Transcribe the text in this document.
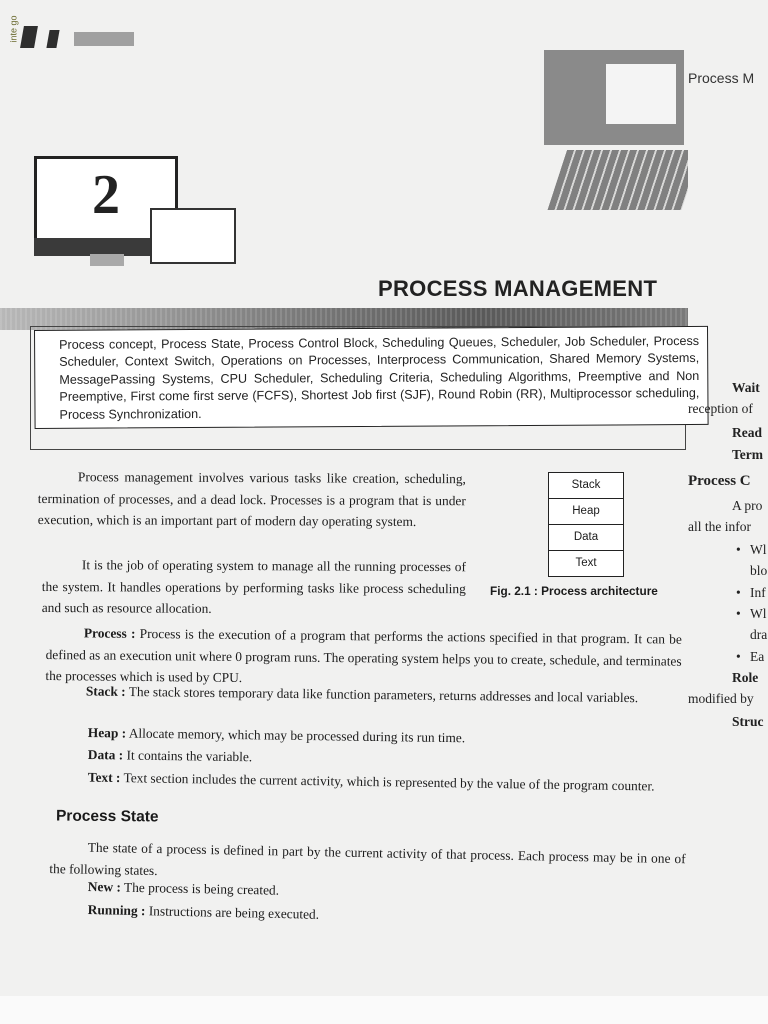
inte go
Process M
2
PROCESS MANAGEMENT
Process concept, Process State, Process Control Block, Scheduling Queues, Scheduler, Job Scheduler, Process Scheduler, Context Switch, Operations on Processes, Interprocess Communication, Shared Memory Systems, MessagePassing Systems, CPU Scheduler, Scheduling Criteria, Scheduling Algorithms, Preemptive and Non Preemptive, First come first serve (FCFS), Shortest Job first (SJF), Round Robin (RR), Multiprocessor scheduling, Process Synchronization.
Process management involves various tasks like creation, scheduling, termination of processes, and a dead lock. Processes is a program that is under execution, which is an important part of modern day operating system.
It is the job of operating system to manage all the running processes of the system. It handles operations by performing tasks like process scheduling and such as resource allocation.
Stack
Heap
Data
Text
Fig. 2.1 : Process architecture
Process : Process is the execution of a program that performs the actions specified in that program. It can be defined as an execution unit where 0 program runs. The operating system helps you to create, schedule, and terminates the processes which is used by CPU.
Stack : The stack stores temporary data like function parameters, returns addresses and local variables.
Heap : Allocate memory, which may be processed during its run time.
Data : It contains the variable.
Text : Text section includes the current activity, which is represented by the value of the program counter.
Process State
The state of a process is defined in part by the current activity of that process. Each process may be in one of the following states.
New : The process is being created.
Running : Instructions are being executed.
Wait
reception of
Read
Term
Process C
A pro
all the infor
• Wl
blo
• Inf
• Wl
dra
• Ea
Role
modified by
Struc
